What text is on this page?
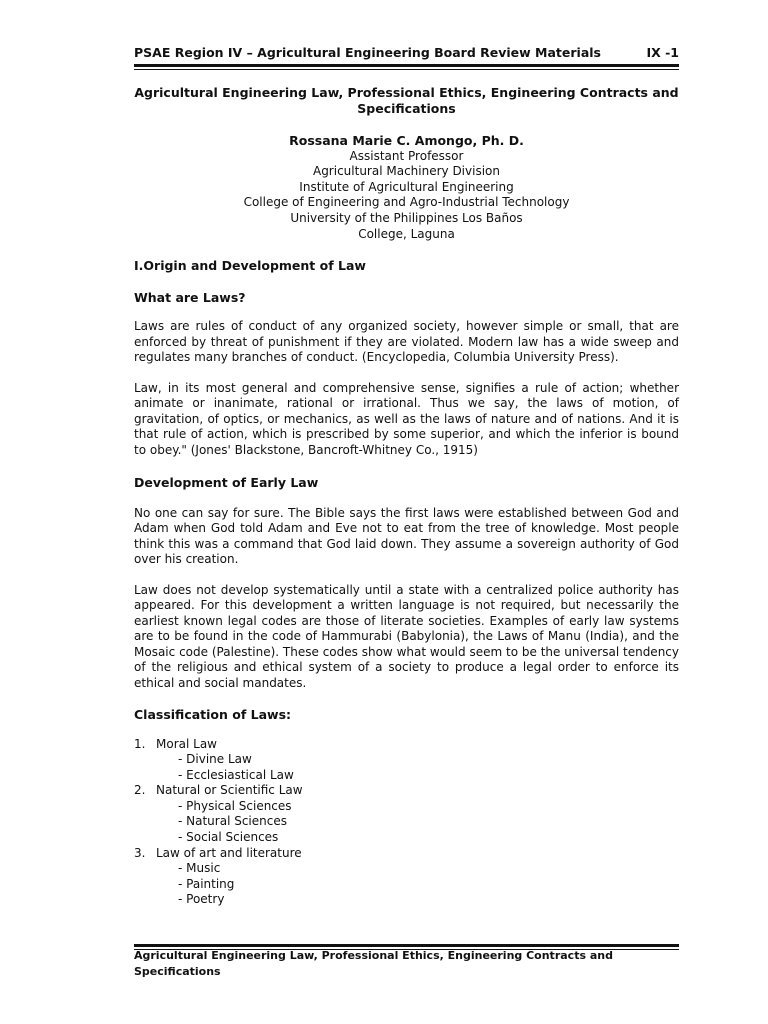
PSAE Region IV – Agricultural Engineering Board Review Materials	IX -1
Agricultural Engineering Law, Professional Ethics, Engineering Contracts and Specifications
Rossana Marie C. Amongo, Ph. D.
Assistant Professor
Agricultural Machinery Division
Institute of Agricultural Engineering
College of Engineering and Agro-Industrial Technology
University of the Philippines Los Baños
College, Laguna
I.Origin and Development of Law
What are Laws?

Laws are rules of conduct of any organized society, however simple or small, that are enforced by threat of punishment if they are violated. Modern law has a wide sweep and regulates many branches of conduct. (Encyclopedia, Columbia University Press).

Law, in its most general and comprehensive sense, signifies a rule of action; whether animate or inanimate, rational or irrational. Thus we say, the laws of motion, of gravitation, of optics, or mechanics, as well as the laws of nature and of nations. And it is that rule of action, which is prescribed by some superior, and which the inferior is bound to obey." (Jones' Blackstone, Bancroft-Whitney Co., 1915)

Development of Early Law

No one can say for sure. The Bible says the first laws were established between God and Adam when God told Adam and Eve not to eat from the tree of knowledge. Most people think this was a command that God laid down. They assume a sovereign authority of God over his creation.

Law does not develop systematically until a state with a centralized police authority has appeared. For this development a written language is not required, but necessarily the earliest known legal codes are those of literate societies. Examples of early law systems are to be found in the code of Hammurabi (Babylonia), the Laws of Manu (India), and the Mosaic code (Palestine). These codes show what would seem to be the universal tendency of the religious and ethical system of a society to produce a legal order to enforce its ethical and social mandates.

Classification of Laws:
1. Moral Law
- Divine Law
- Ecclesiastical Law
2. Natural or Scientific Law
- Physical Sciences
- Natural Sciences
- Social Sciences
3. Law of art and literature
- Music
- Painting
- Poetry
Agricultural Engineering Law, Professional Ethics, Engineering Contracts and Specifications
